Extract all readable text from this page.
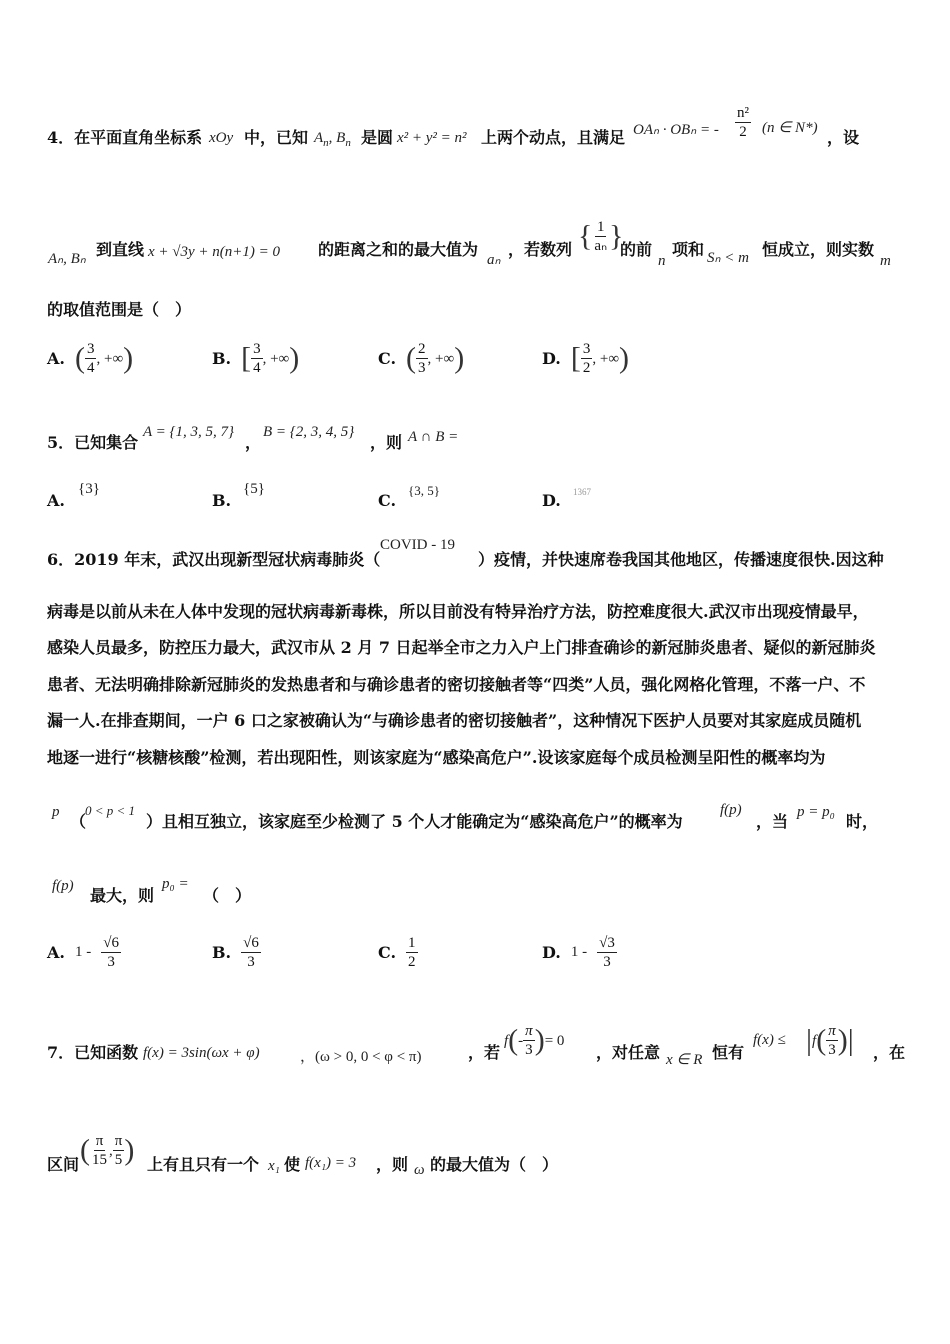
4．在平面直角坐标系 xOy 中，已知 $A_n$, $B_n$ 是圆 x² + y² = n² 上两个动点，且满足 OAₙ · OBₙ = - $\frac{\text{n²}}{2} (n$ ∈ N*) ，设
Aₙ, Bₙ 到直线 x + √3y + n(n+1) = 0 的距离之和的最大值为
aₙ
，若数列 { $\frac{1}{\text{aₙ}}$ }
的前
n
项和 Sₙ < m 恒成立，则实数
m
的取值范围是（　）
A. ( $\frac{3}{4}$ , +∞)	B. [ $\frac{3}{4}$ , +∞)	C. ( $\frac{2}{3}$ , +∞)	D. [ $\frac{3}{2}$ , +∞)
5．已知集合
A = {1, 3, 5, 7}
，
B = {2, 3, 4, 5}
，则 A ∩ B =
A.
{3}
B.
{5}
C.
{3, 5}
D. 1367
6．2019 年末，武汉出现新型冠状病毒肺炎（
COVID - 19
）疫情，并快速席卷我国其他地区，传播速度很快.因这种
病毒是以前从未在人体中发现的冠状病毒新毒株，所以目前没有特异治疗方法，防控难度很大.武汉市出现疫情最早，
感染人员最多，防控压力最大，武汉市从 2 月 7 日起举全市之力入户上门排查确诊的新冠肺炎患者、疑似的新冠肺炎
患者、无法明确排除新冠肺炎的发热患者和与确诊患者的密切接触者等“四类”人员，强化网格化管理，不落一户、不
漏一人.在排查期间，一户 6 口之家被确认为“与确诊患者的密切接触者”，这种情况下医护人员要对其家庭成员随机
地逐一进行“核糖核酸”检测，若出现阳性，则该家庭为“感染高危户”.设该家庭每个成员检测呈阳性的概率均为
p （
0 < p < 1
）且相互独立，该家庭至少检测了 5 个人才能确定为“感染高危户”的概率为
f(p)
，当 p = p₀ 时，
f(p) 最大，则
p₀ =
（　）
A. $1 - \frac{√6}{3}$	B. $\frac{√6}{3}$	C. $\frac{1}{2}$	D. $1 - \frac{√3}{3}$
7．已知函数 f(x) = 3sin(ωx + φ)	，(ω > 0, 0 < φ < π)	，若
$f(- \frac{\pi}{3}$ )= 0
，对任意 x ∈ R 恒有
$f(x) \le |f( \frac{\pi}{3}$ )| ，在
区间 ( $\frac{\pi}{15}$ , $\frac{\pi}{5}$ ) 上有且只有一个 x₁ 使 f(x₁) = 3 ，则 ω 的最大值为（　）
